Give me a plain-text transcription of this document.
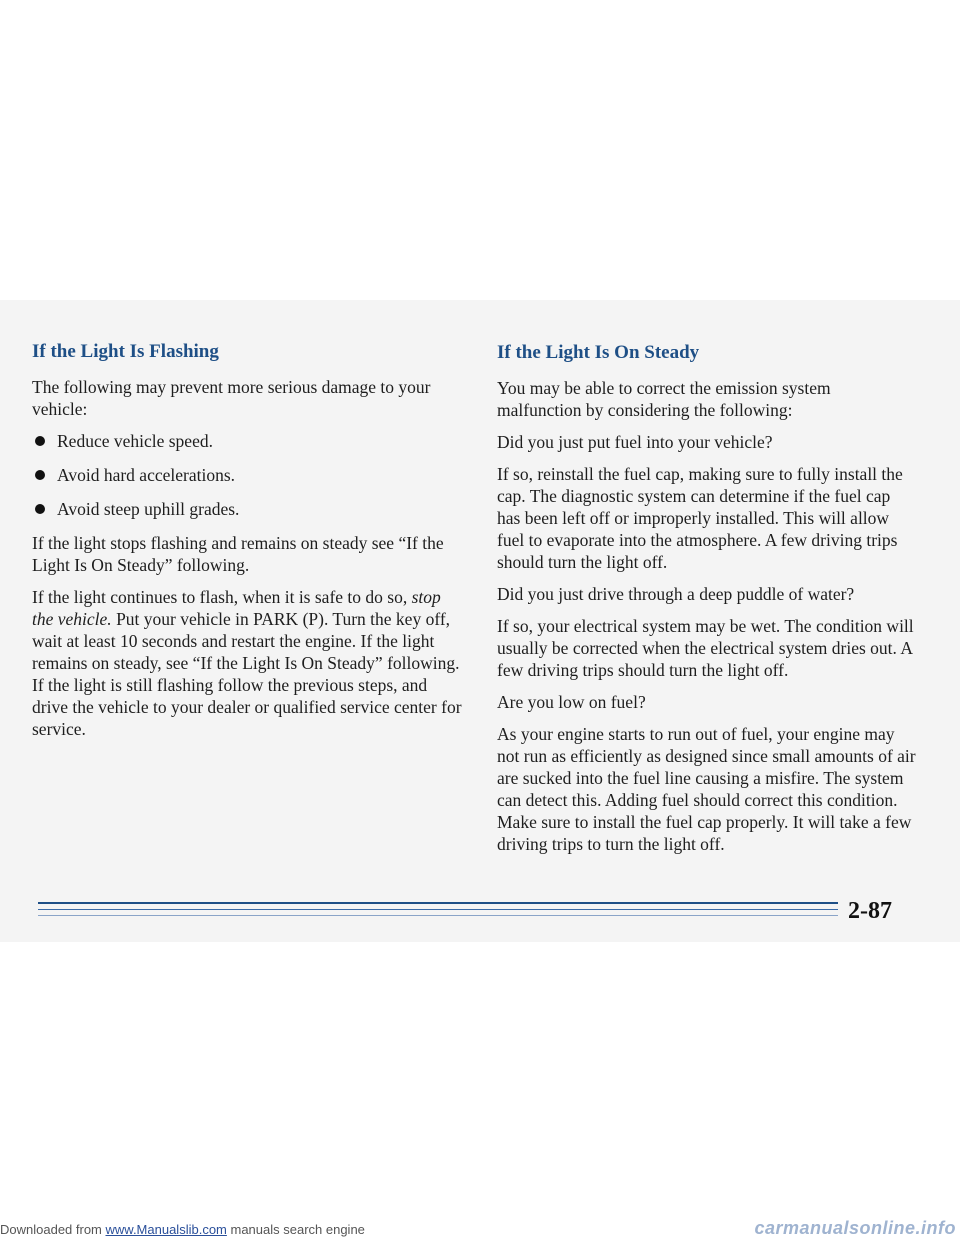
If the Light Is Flashing

The following may prevent more serious damage to your vehicle:

Reduce vehicle speed.
Avoid hard accelerations.
Avoid steep uphill grades.

If the light stops flashing and remains on steady see “If the Light Is On Steady” following.

If the light continues to flash, when it is safe to do so, stop the vehicle. Put your vehicle in PARK (P). Turn the key off, wait at least 10 seconds and restart the engine. If the light remains on steady, see “If the Light Is On Steady” following. If the light is still flashing follow the previous steps, and drive the vehicle to your dealer or qualified service center for service.

If the Light Is On Steady

You may be able to correct the emission system malfunction by considering the following:

Did you just put fuel into your vehicle?

If so, reinstall the fuel cap, making sure to fully install the cap. The diagnostic system can determine if the fuel cap has been left off or improperly installed. This will allow fuel to evaporate into the atmosphere. A few driving trips should turn the light off.

Did you just drive through a deep puddle of water?

If so, your electrical system may be wet. The condition will usually be corrected when the electrical system dries out. A few driving trips should turn the light off.

Are you low on fuel?

As your engine starts to run out of fuel, your engine may not run as efficiently as designed since small amounts of air are sucked into the fuel line causing a misfire. The system can detect this. Adding fuel should correct this condition. Make sure to install the fuel cap properly. It will take a few driving trips to turn the light off.

2-87
Downloaded from www.Manualslib.com manuals search engine	carmanualsonline.info
